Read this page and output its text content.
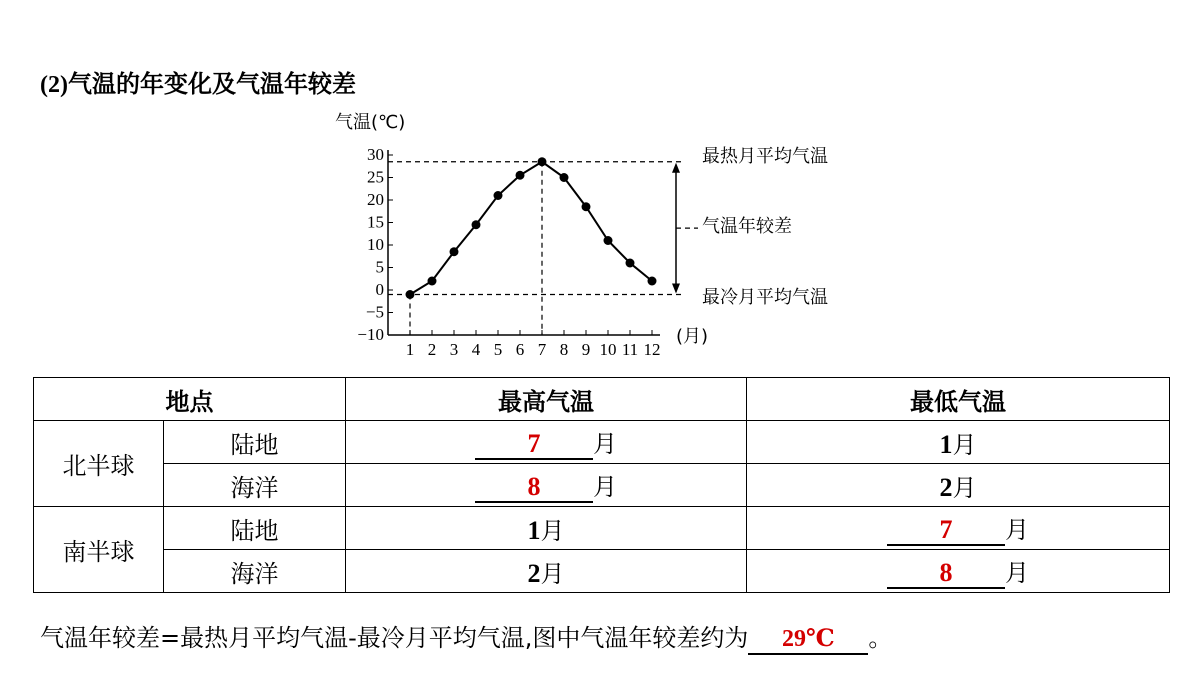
(2)气温的年变化及气温年较差
气温(℃)
30
25
20
15
10
5
0
−5
−10
1 2 3 4 5 6 7 8 9 10 11 12
(月)
最热月平均气温
气温年较差
最冷月平均气温
地点		最高气温	最低气温
北半球	陆地	7 月	1月
	海洋	8 月	2月
南半球	陆地	1月	7 月
	海洋	2月	8 月
气温年较差=最热月平均气温-最冷月平均气温,图中气温年较差约为 29℃ 。
